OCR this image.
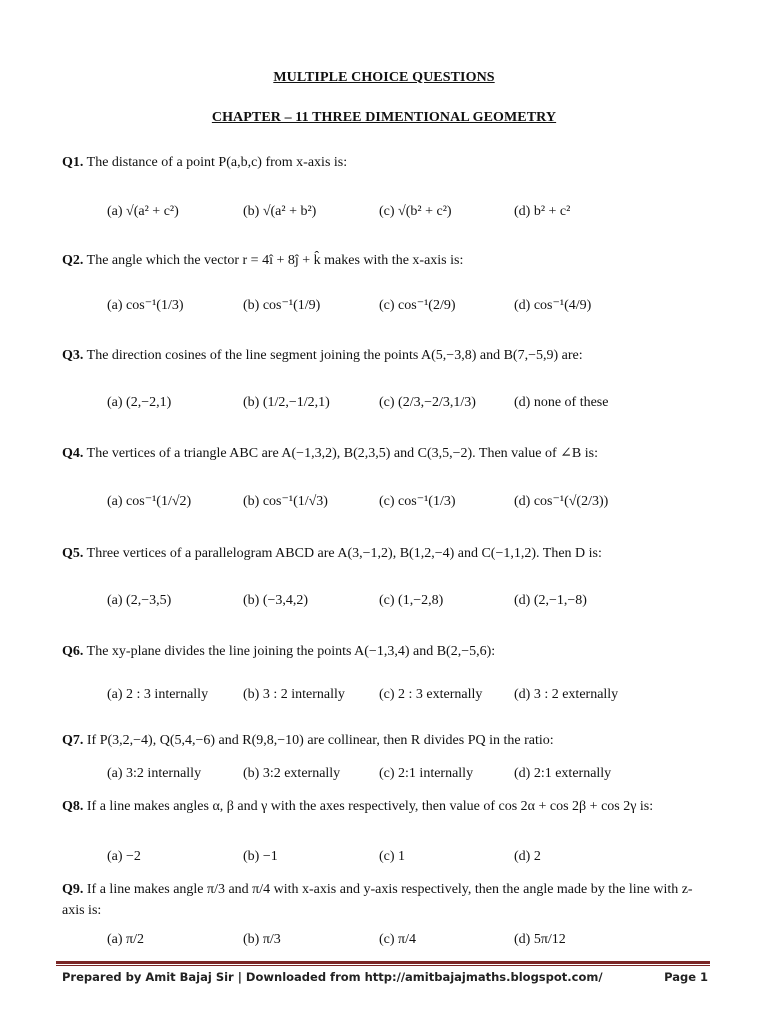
MULTIPLE CHOICE QUESTIONS
CHAPTER – 11 THREE DIMENTIONAL GEOMETRY
Q1. The distance of a point P(a,b,c) from x-axis is:
(a) √(a² + c²)	(b) √(a² + b²)	(c) √(b² + c²)	(d) b² + c²
Q2. The angle which the vector r = 4î + 8ĵ + k̂ makes with the x-axis is:
(a) cos⁻¹(1/3)	(b) cos⁻¹(1/9)	(c) cos⁻¹(2/9)	(d) cos⁻¹(4/9)
Q3. The direction cosines of the line segment joining the points A(5,−3,8) and B(7,−5,9) are:
(a) (2,−2,1)	(b) (1/2,−1/2,1)	(c) (2/3,−2/3,1/3)	(d) none of these
Q4. The vertices of a triangle ABC are A(−1,3,2), B(2,3,5) and C(3,5,−2). Then value of ∠B is:
(a) cos⁻¹(1/√2)	(b) cos⁻¹(1/√3)	(c) cos⁻¹(1/3)	(d) cos⁻¹(√(2/3))
Q5. Three vertices of a parallelogram ABCD are A(3,−1,2), B(1,2,−4) and C(−1,1,2). Then D is:
(a) (2,−3,5)	(b) (−3,4,2)	(c) (1,−2,8)	(d) (2,−1,−8)
Q6. The xy-plane divides the line joining the points A(−1,3,4) and B(2,−5,6):
(a) 2 : 3 internally (b) 3 : 2 internally (c) 2 : 3 externally (d) 3 : 2 externally
Q7. If P(3,2,−4), Q(5,4,−6) and R(9,8,−10) are collinear, then R divides PQ in the ratio:
(a) 3:2 internally	(b) 3:2 externally	(c) 2:1 internally	(d) 2:1 externally
Q8. If a line makes angles α, β and γ with the axes respectively, then value of cos 2α + cos 2β + cos 2γ is:
(a) −2	(b) −1	(c) 1	(d) 2
Q9. If a line makes angle π/3 and π/4 with x-axis and y-axis respectively, then the angle made by the line with z-axis is:
(a) π/2	(b) π/3	(c) π/4	(d) 5π/12
Prepared by Amit Bajaj Sir | Downloaded from http://amitbajajmaths.blogspot.com/	Page 1
